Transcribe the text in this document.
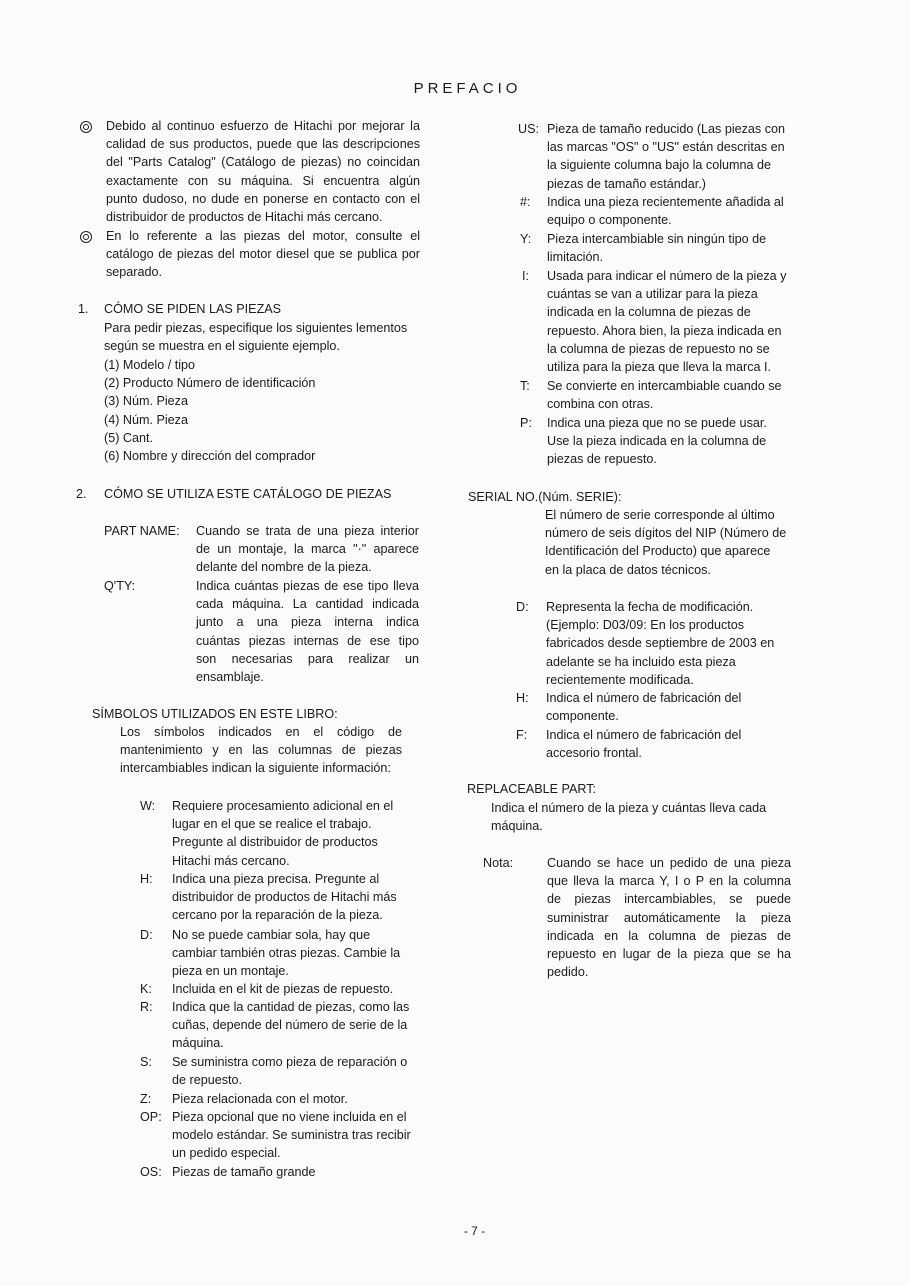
PREFACIO
Debido al continuo esfuerzo de Hitachi por mejorar la
calidad de sus productos, puede que las descripciones
del "Parts Catalog" (Catálogo de piezas) no coincidan
exactamente con su máquina. Si encuentra algún
punto dudoso, no dude en ponerse en contacto con el
distribuidor de productos de Hitachi más cercano.
En lo referente a las piezas del motor, consulte el
catálogo de piezas del motor diesel que se publica por
separado.
1. CÓMO SE PIDEN LAS PIEZAS
Para pedir piezas, especifique los siguientes lementos
según se muestra en el siguiente ejemplo.
(1) Modelo / tipo
(2) Producto Número de identificación
(3) Núm. Pieza
(4) Núm. Pieza
(5) Cant.
(6) Nombre y dirección del comprador
2. CÓMO SE UTILIZA ESTE CATÁLOGO DE PIEZAS
PART NAME: Cuando se trata de una pieza interior
de un montaje, la marca "·" aparece
delante del nombre de la pieza.
Q'TY:	Indica cuántas piezas de ese tipo lleva
cada máquina. La cantidad indicada
junto a una pieza interna indica
cuántas piezas internas de ese tipo
son necesarias para realizar un
ensamblaje.
SÍMBOLOS UTILIZADOS EN ESTE LIBRO:
Los símbolos indicados en el código de
mantenimiento y en las columnas de piezas
intercambiables indican la siguiente información:
W: Requiere procesamiento adicional en el
lugar en el que se realice el trabajo.
Pregunte al distribuidor de productos
Hitachi más cercano.
H: Indica una pieza precisa. Pregunte al
distribuidor de productos de Hitachi más
cercano por la reparación de la pieza.
D: No se puede cambiar sola, hay que
cambiar también otras piezas. Cambie la
pieza en un montaje.
K: Incluida en el kit de piezas de repuesto.
R: Indica que la cantidad de piezas, como las
cuñas, depende del número de serie de la
máquina.
S: Se suministra como pieza de reparación o
de repuesto.
Z: Pieza relacionada con el motor.
OP: Pieza opcional que no viene incluida en el
modelo estándar. Se suministra tras recibir
un pedido especial.
OS: Piezas de tamaño grande
US: Pieza de tamaño reducido (Las piezas con
las marcas "OS" o "US" están descritas en
la siguiente columna bajo la columna de
piezas de tamaño estándar.)
#: Indica una pieza recientemente añadida al
equipo o componente.
Y: Pieza intercambiable sin ningún tipo de
limitación.
I: Usada para indicar el número de la pieza y
cuántas se van a utilizar para la pieza
indicada en la columna de piezas de
repuesto. Ahora bien, la pieza indicada en
la columna de piezas de repuesto no se
utiliza para la pieza que lleva la marca I.
T: Se convierte en intercambiable cuando se
combina con otras.
P: Indica una pieza que no se puede usar.
Use la pieza indicada en la columna de
piezas de repuesto.
SERIAL NO.(Núm. SERIE):
El número de serie corresponde al último
número de seis dígitos del NIP (Número de
Identificación del Producto) que aparece
en la placa de datos técnicos.
D: Representa la fecha de modificación.
(Ejemplo: D03/09: En los productos
fabricados desde septiembre de 2003 en
adelante se ha incluido esta pieza
recientemente modificada.
H: Indica el número de fabricación del
componente.
F: Indica el número de fabricación del
accesorio frontal.
REPLACEABLE PART:
Indica el número de la pieza y cuántas lleva cada
máquina.
Nota:	Cuando se hace un pedido de una pieza
que lleva la marca Y, I o P en la columna
de piezas intercambiables, se puede
suministrar automáticamente la pieza
indicada en la columna de piezas de
repuesto en lugar de la pieza que se ha
pedido.
- 7 -
